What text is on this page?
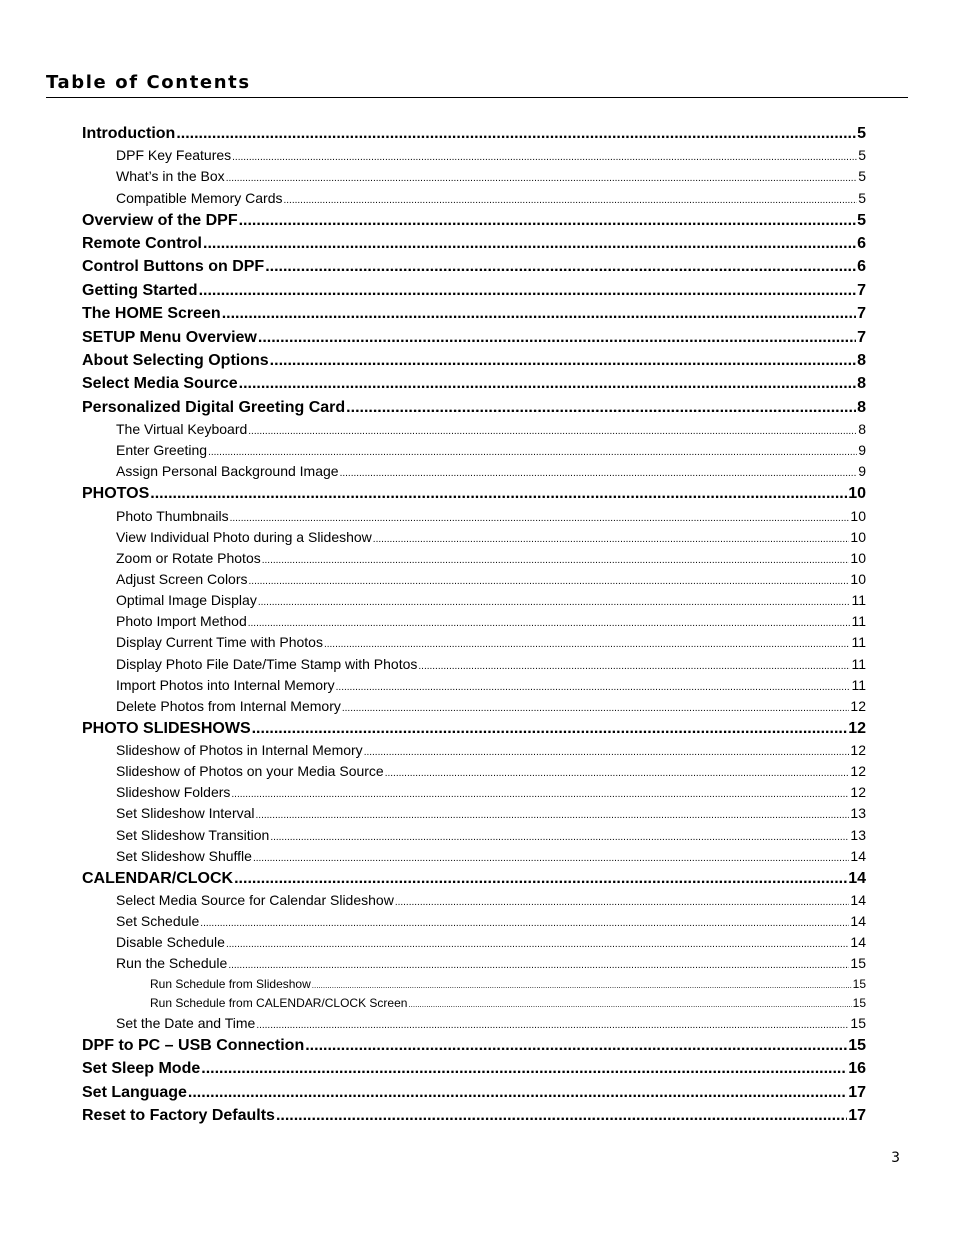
Table of Contents
Introduction .....	5
DPF Key Features .....	5
What’s in the Box .....	5
Compatible Memory Cards .....	5
Overview of the DPF .....	5
Remote Control .....	6
Control Buttons on DPF .....	6
Getting Started .....	7
The HOME Screen .....	7
SETUP Menu Overview .....	7
About Selecting Options .....	8
Select Media Source .....	8
Personalized Digital Greeting Card .....	8
The Virtual Keyboard .....	8
Enter Greeting .....	9
Assign Personal Background Image .....	9
PHOTOS .....	10
Photo Thumbnails .....	10
View Individual Photo during a Slideshow .....	10
Zoom or Rotate Photos .....	10
Adjust Screen Colors .....	10
Optimal Image Display .....	11
Photo Import Method .....	11
Display Current Time with Photos .....	11
Display Photo File Date/Time Stamp with Photos .....	11
Import Photos into Internal Memory .....	11
Delete Photos from Internal Memory .....	12
PHOTO SLIDESHOWS .....	12
Slideshow of Photos in Internal Memory .....	12
Slideshow of Photos on your Media Source .....	12
Slideshow Folders .....	12
Set Slideshow Interval .....	13
Set Slideshow Transition .....	13
Set Slideshow Shuffle .....	14
CALENDAR/CLOCK .....	14
Select Media Source for Calendar Slideshow .....	14
Set Schedule .....	14
Disable Schedule .....	14
Run the Schedule .....	15
Run Schedule from Slideshow .....	15
Run Schedule from CALENDAR/CLOCK Screen .....	15
Set the Date and Time .....	15
DPF to PC – USB Connection .....	15
Set Sleep Mode .....	16
Set Language .....	17
Reset to Factory Defaults .....	17
3
